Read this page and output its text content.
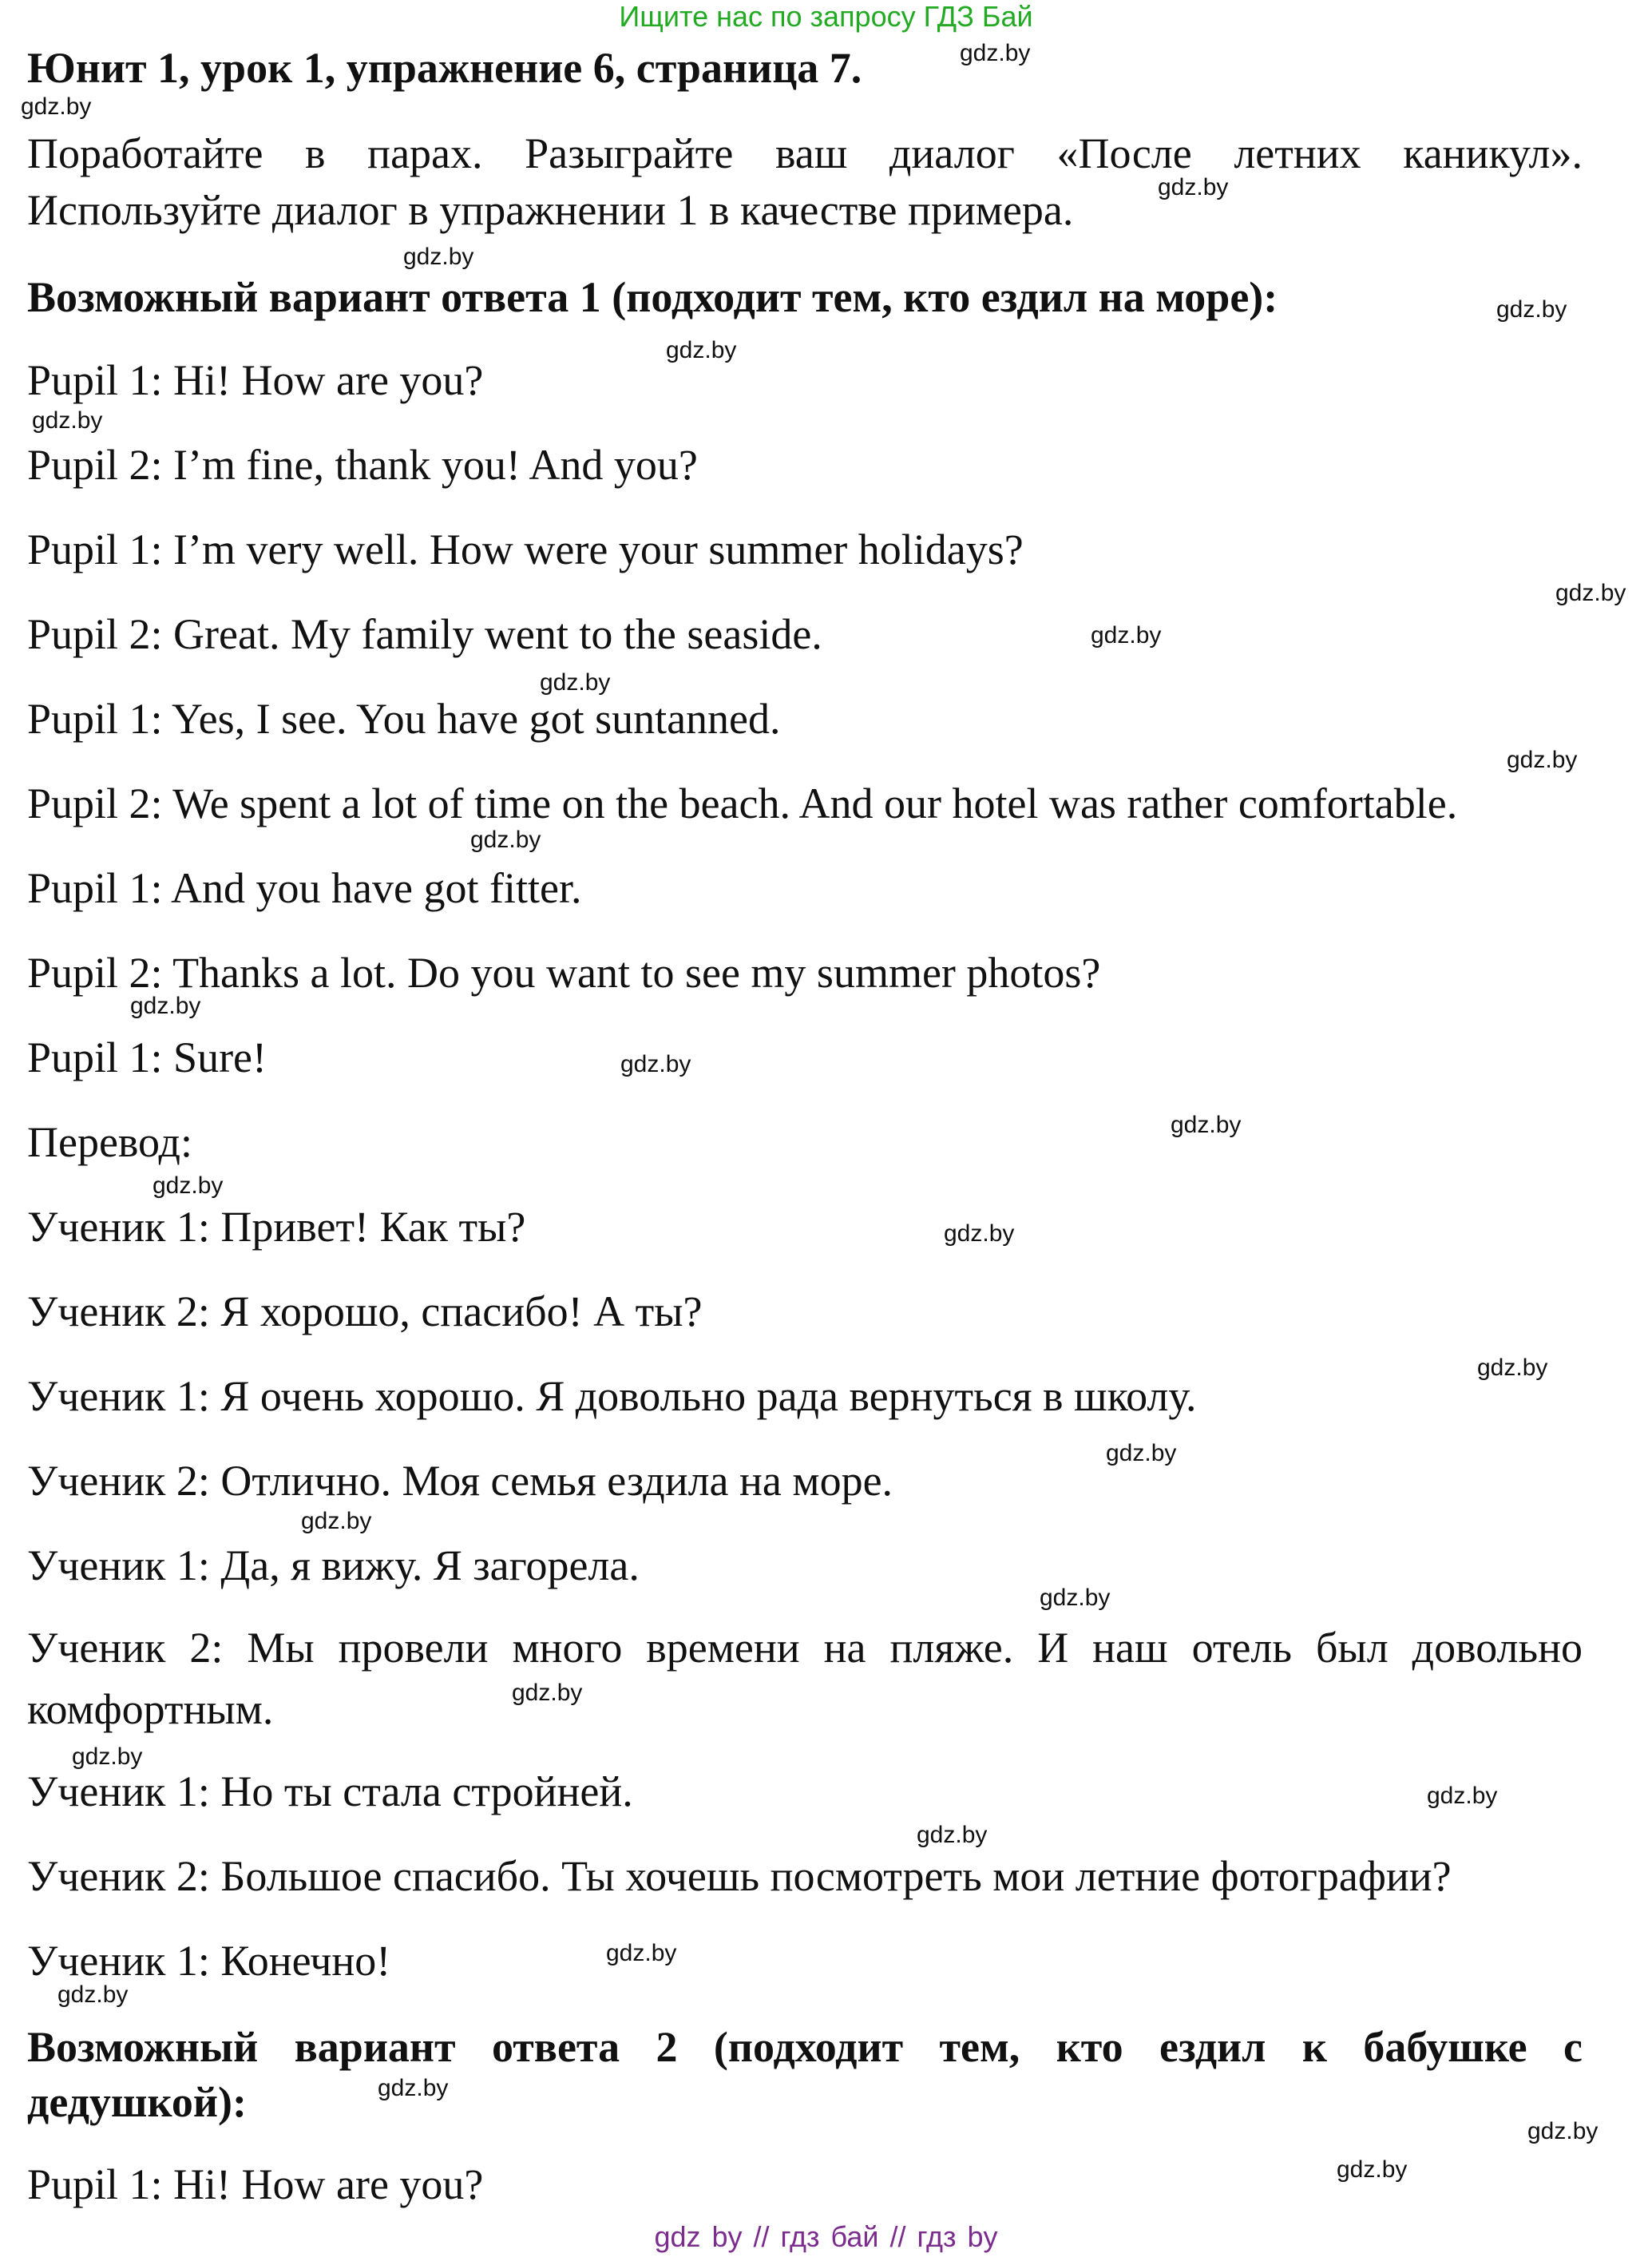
Ищите нас по запросу ГДЗ Бай
Юнит 1, урок 1, упражнение 6, страница 7.
Поработайте в парах. Разыграйте ваш диалог «После летних каникул».
Используйте диалог в упражнении 1 в качестве примера.
Возможный вариант ответа 1 (подходит тем, кто ездил на море):
Pupil 1: Hi! How are you?
Pupil 2: I’m fine, thank you! And you?
Pupil 1: I’m very well. How were your summer holidays?
Pupil 2: Great. My family went to the seaside.
Pupil 1: Yes, I see. You have got suntanned.
Pupil 2: We spent a lot of time on the beach. And our hotel was rather comfortable.
Pupil 1: And you have got fitter.
Pupil 2: Thanks a lot. Do you want to see my summer photos?
Pupil 1: Sure!
Перевод:
Ученик 1: Привет! Как ты?
Ученик 2: Я хорошо, спасибо! А ты?
Ученик 1: Я очень хорошо. Я довольно рада вернуться в школу.
Ученик 2: Отлично. Моя семья ездила на море.
Ученик 1: Да, я вижу. Я загорела.
Ученик 2: Мы провели много времени на пляже. И наш отель был довольно
комфортным.
Ученик 1: Но ты стала стройней.
Ученик 2: Большое спасибо. Ты хочешь посмотреть мои летние фотографии?
Ученик 1: Конечно!
Возможный вариант ответа 2 (подходит тем, кто ездил к бабушке с
дедушкой):
Pupil 1: Hi! How are you?
gdz.by
gdz.by
gdz.by
gdz.by
gdz.by
gdz.by
gdz.by
gdz.by
gdz.by
gdz.by
gdz.by
gdz.by
gdz.by
gdz.by
gdz.by
gdz.by
gdz.by
gdz.by
gdz.by
gdz.by
gdz.by
gdz.by
gdz.by
gdz.by
gdz.by
gdz.by
gdz.by
gdz.by
gdz.by
gdz.by
gdz by // гдз бай // гдз by
